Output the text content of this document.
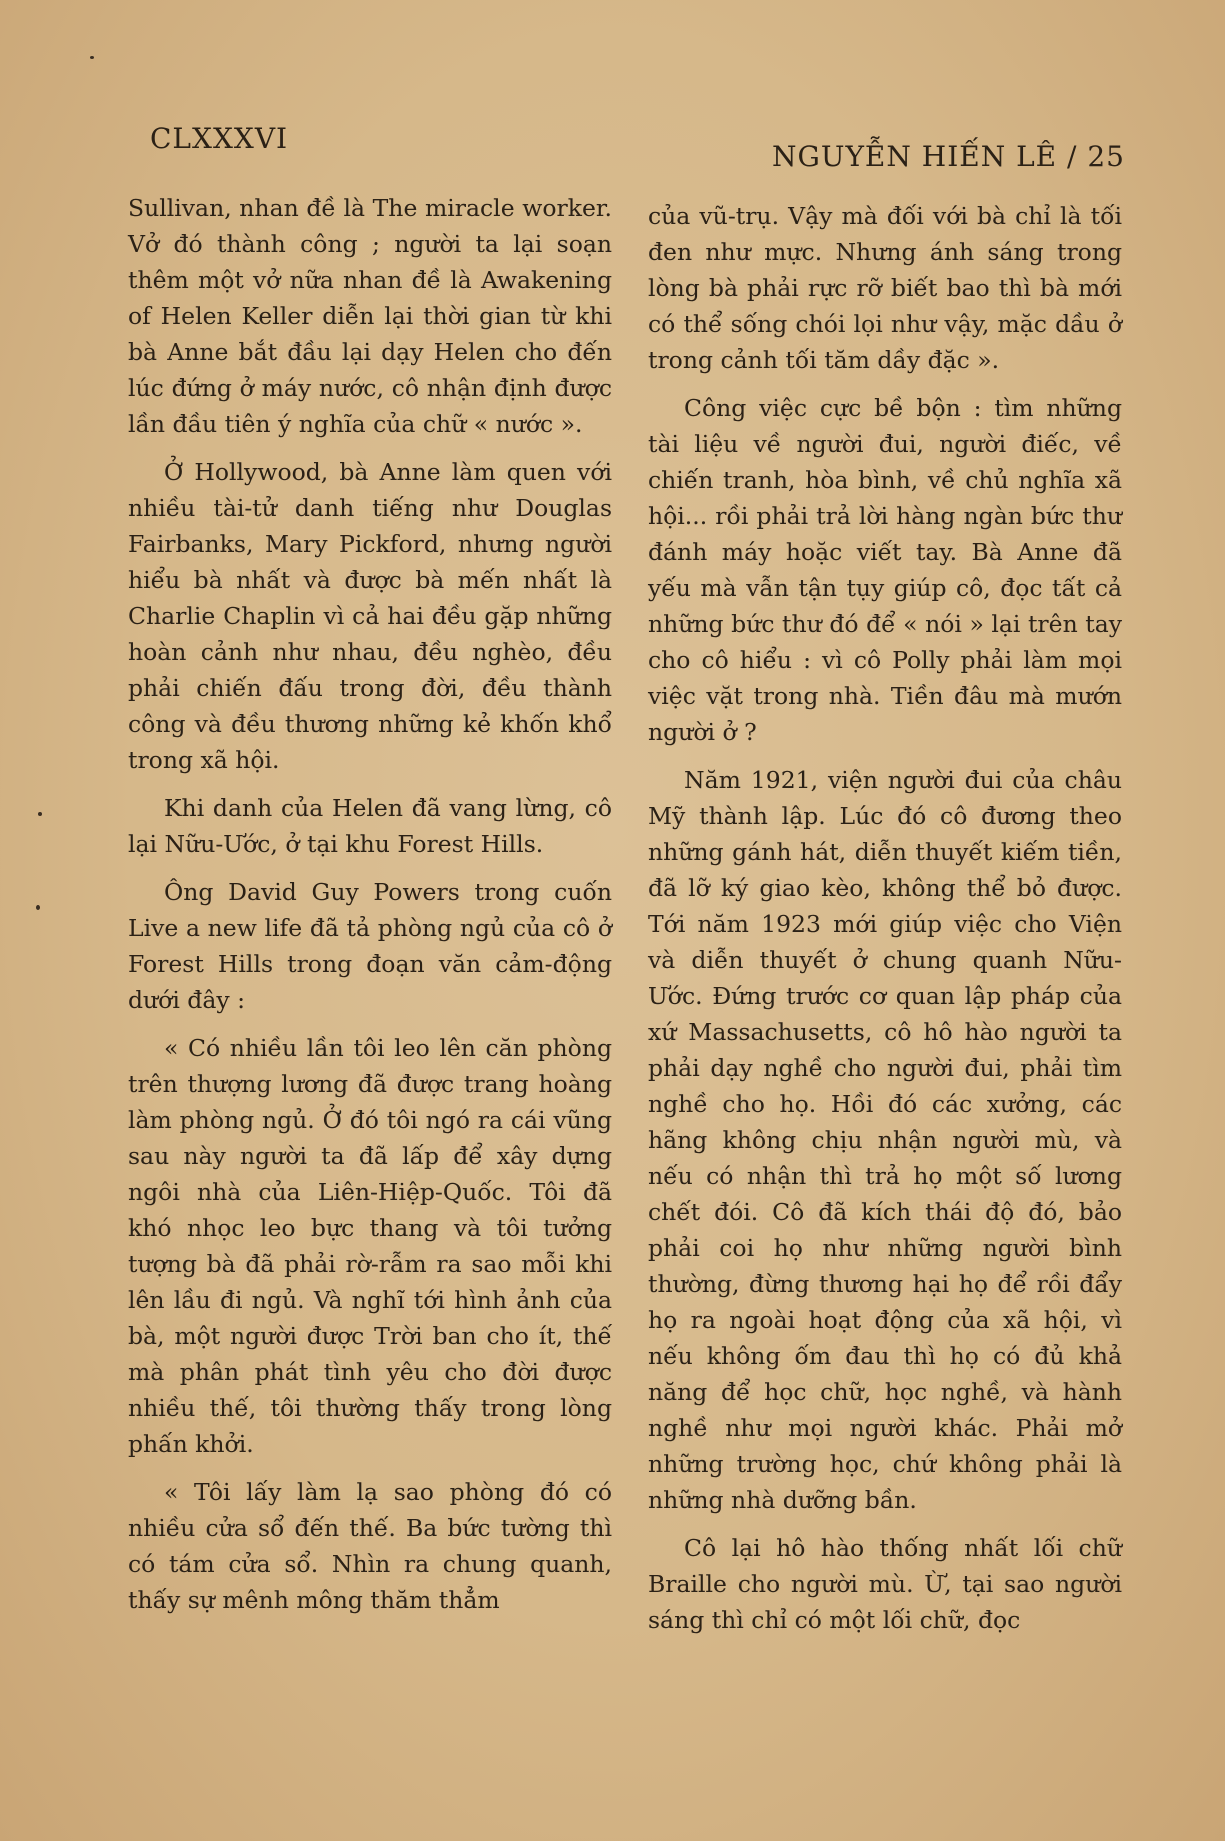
CLXXXVI
NGUYỄN HIẾN LÊ / 25

Sullivan, nhan đề là The miracle worker. Vở đó thành công ; người ta lại soạn thêm một vở nữa nhan đề là Awakening of Helen Keller diễn lại thời gian từ khi bà Anne bắt đầu lại dạy Helen cho đến lúc đứng ở máy nước, cô nhận định được lần đầu tiên ý nghĩa của chữ « nước ».

Ở Hollywood, bà Anne làm quen với nhiều tài-tử danh tiếng như Douglas Fairbanks, Mary Pickford, nhưng người hiểu bà nhất và được bà mến nhất là Charlie Chaplin vì cả hai đều gặp những hoàn cảnh như nhau, đều nghèo, đều phải chiến đấu trong đời, đều thành công và đều thương những kẻ khốn khổ trong xã hội.

Khi danh của Helen đã vang lừng, cô lại Nữu-Ước, ở tại khu Forest Hills.

Ông David Guy Powers trong cuốn Live a new life đã tả phòng ngủ của cô ở Forest Hills trong đoạn văn cảm-động dưới đây :

« Có nhiều lần tôi leo lên căn phòng trên thượng lương đã được trang hoàng làm phòng ngủ. Ở đó tôi ngó ra cái vũng sau này người ta đã lấp để xây dựng ngôi nhà của Liên-Hiệp-Quốc. Tôi đã khó nhọc leo bực thang và tôi tưởng tượng bà đã phải rờ-rẫm ra sao mỗi khi lên lầu đi ngủ. Và nghĩ tới hình ảnh của bà, một người được Trời ban cho ít, thế mà phân phát tình yêu cho đời được nhiều thế, tôi thường thấy trong lòng phấn khởi.

« Tôi lấy làm lạ sao phòng đó có nhiều cửa sổ đến thế. Ba bức tường thì có tám cửa sổ. Nhìn ra chung quanh, thấy sự mênh mông thăm thẳm

của vũ-trụ. Vậy mà đối với bà chỉ là tối đen như mực. Nhưng ánh sáng trong lòng bà phải rực rỡ biết bao thì bà mới có thể sống chói lọi như vậy, mặc dầu ở trong cảnh tối tăm dầy đặc ».

Công việc cực bề bộn : tìm những tài liệu về người đui, người điếc, về chiến tranh, hòa bình, về chủ nghĩa xã hội... rồi phải trả lời hàng ngàn bức thư đánh máy hoặc viết tay. Bà Anne đã yếu mà vẫn tận tụy giúp cô, đọc tất cả những bức thư đó để « nói » lại trên tay cho cô hiểu : vì cô Polly phải làm mọi việc vặt trong nhà. Tiền đâu mà mướn người ở ?

Năm 1921, viện người đui của châu Mỹ thành lập. Lúc đó cô đương theo những gánh hát, diễn thuyết kiếm tiền, đã lỡ ký giao kèo, không thể bỏ được. Tới năm 1923 mới giúp việc cho Viện và diễn thuyết ở chung quanh Nữu-Ước. Đứng trước cơ quan lập pháp của xứ Massachusetts, cô hô hào người ta phải dạy nghề cho người đui, phải tìm nghề cho họ. Hồi đó các xưởng, các hãng không chịu nhận người mù, và nếu có nhận thì trả họ một số lương chết đói. Cô đã kích thái độ đó, bảo phải coi họ như những người bình thường, đừng thương hại họ để rồi đẩy họ ra ngoài hoạt động của xã hội, vì nếu không ốm đau thì họ có đủ khả năng để học chữ, học nghề, và hành nghề như mọi người khác. Phải mở những trường học, chứ không phải là những nhà dưỡng bần.

Cô lại hô hào thống nhất lối chữ Braille cho người mù. Ừ, tại sao người sáng thì chỉ có một lối chữ, đọc
